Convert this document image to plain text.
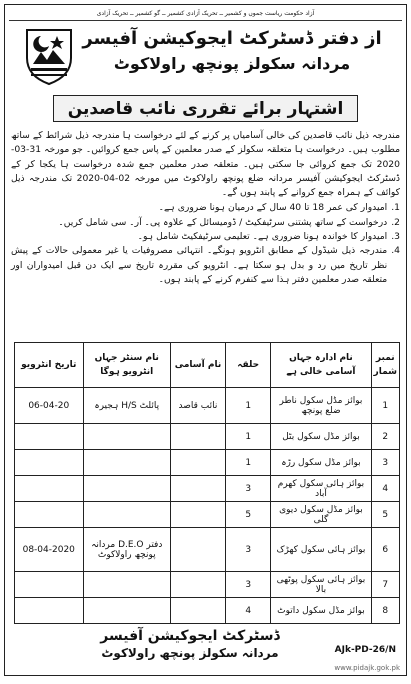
آزاد حکومت ریاست جموں و کشمیر ــ تحریک آزادی کشمیر ــ گو کشمیر ــ تحریک آزادی
از دفتر ڈسٹرکٹ ایجوکیشن آفیسر
مردانہ سکولز پونچھ راولاکوٹ
اشتہار برائے تقرری نائب قاصدین

مندرجہ ذیل نائب قاصدین کی خالی آسامیاں پر کرنے کے لئے درخواست ہا مندرجہ ذیل شرائط کے ساتھ مطلوب ہیں۔ درخواست ہا متعلقہ سکولز کے صدر معلمین کے پاس جمع کروائیں۔ جو مورخہ 31-03-2020 تک جمع کروائی جا سکتی ہیں۔ متعلقہ صدر معلمین جمع شدہ درخواست ہا یکجا کر کے ڈسٹرکٹ ایجوکیشن آفیسر مردانہ ضلع پونچھ راولاکوٹ میں مورخہ 02-04-2020 تک مندرجہ ذیل کوائف کے ہمراہ جمع کروانے کے پابند ہوں گے۔

1.
امیدوار کی عمر 18 تا 40 سال کے درمیان ہونا ضروری ہے۔
2.
درخواست کے ساتھ پشتنی سرٹیفکیٹ / ڈومیسائل کے علاوہ پی۔ آر۔ سی شامل کریں۔
3.
امیدوار کا خواندہ ہونا ضروری ہے۔ تعلیمی سرٹیفکیٹ شامل ہو۔
4.
مندرجہ ذیل شیڈول کے مطابق انٹرویو ہونگے۔ انتہائی مصروفیات یا غیر معمولی حالات کے پیش نظر تاریخ میں رد و بدل ہو سکتا ہے۔ انٹرویو کی مقررہ تاریخ سے ایک دن قبل امیدواران اور متعلقہ صدر معلمین دفتر ہذا سے کنفرم کرنے کے پابند ہوں۔
نمبر شمار	نام ادارہ جہاں آسامی خالی ہے	حلقہ	نام آسامی	نام سنٹر جہاں انٹرویو ہوگا	تاریخ انٹرویو
1	بوائز مڈل سکول ناطر ضلع پونچھ	1	نائب قاصد	پائلٹ H/S ہجیرہ	06-04-20
2	بوائز مڈل سکول بٹل	1			
3	بوائز مڈل سکول رڑہ	1			
4	بوائز ہائی سکول کھرم آباد	3			
5	بوائز مڈل سکول دیوی گلی	5			
6	بوائز ہائی سکول کھڑک	3		دفتر D.E.O مردانہ پونچھ راولاکوٹ	08-04-2020
7	بوائز ہائی سکول پوٹھی بالا	3			
8	بوائز مڈل سکول داتوٹ	4			
ڈسٹرکٹ ایجوکیشن آفیسر
مردانہ سکولز پونچھ راولاکوٹ	AJk-PD-26/N
www.pidajk.gok.pk
